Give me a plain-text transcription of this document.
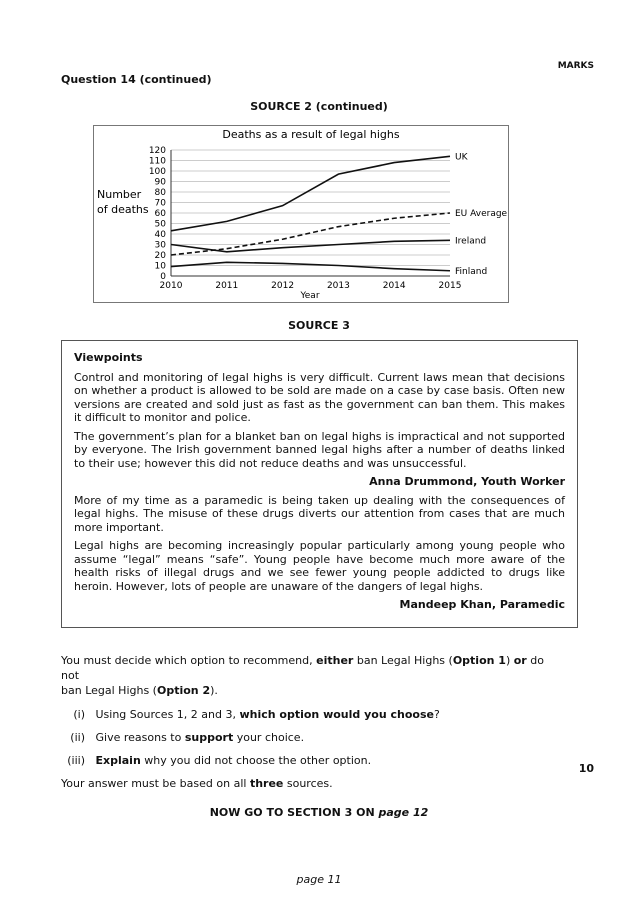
MARKS
Question 14 (continued)
SOURCE 2 (continued)
Deaths as a result of legal highs
Number
of deaths
Year
0
10
20
30
40
50
60
70
80
90
100
110
120
2010	2011	2012	2013	2014	2015
UK
EU Average
Ireland
Finland
SOURCE 3

Viewpoints

Control and monitoring of legal highs is very difficult. Current laws mean that decisions on whether a product is allowed to be sold are made on a case by case basis. Often new versions are created and sold just as fast as the government can ban them. This makes it difficult to monitor and police.

The government’s plan for a blanket ban on legal highs is impractical and not supported by everyone. The Irish government banned legal highs after a number of deaths linked to their use; however this did not reduce deaths and was unsuccessful.

Anna Drummond, Youth Worker

More of my time as a paramedic is being taken up dealing with the consequences of legal highs. The misuse of these drugs diverts our attention from cases that are much more important.

Legal highs are becoming increasingly popular particularly among young people who assume “legal” means “safe”. Young people have become much more aware of the health risks of illegal drugs and we see fewer young people addicted to drugs like heroin. However, lots of people are unaware of the dangers of legal highs.

Mandeep Khan, Paramedic

You must decide which option to recommend, either ban Legal Highs (Option 1) or do not
ban Legal Highs (Option 2).
(i) Using Sources 1, 2 and 3, which option would you choose?
(ii) Give reasons to support your choice.
(iii) Explain why you did not choose the other option.
Your answer must be based on all three sources.
10
NOW GO TO SECTION 3 ON page 12
page 11
